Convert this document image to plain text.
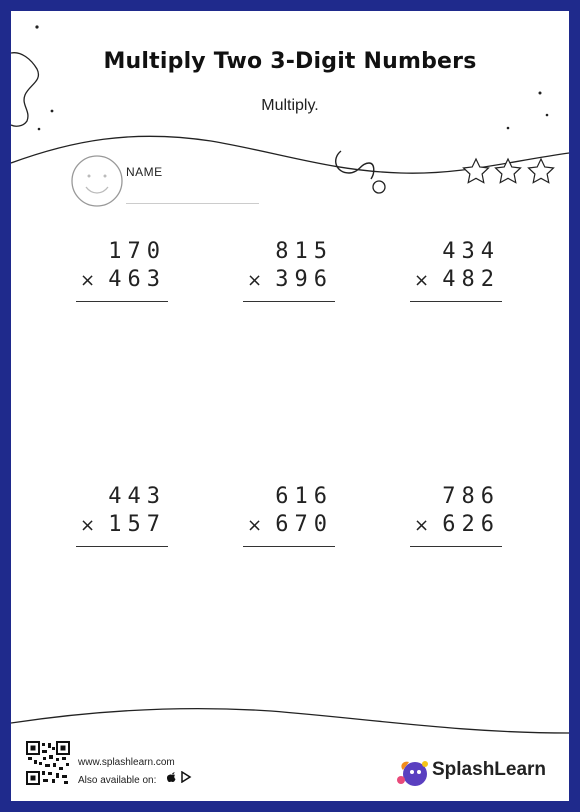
Multiply Two 3-Digit Numbers
Multiply.
NAME
170
× 463
815
× 396
434
× 482
443
× 157
616
× 670
786
× 626
www.splashlearn.com
Also available on:
SplashLearn
